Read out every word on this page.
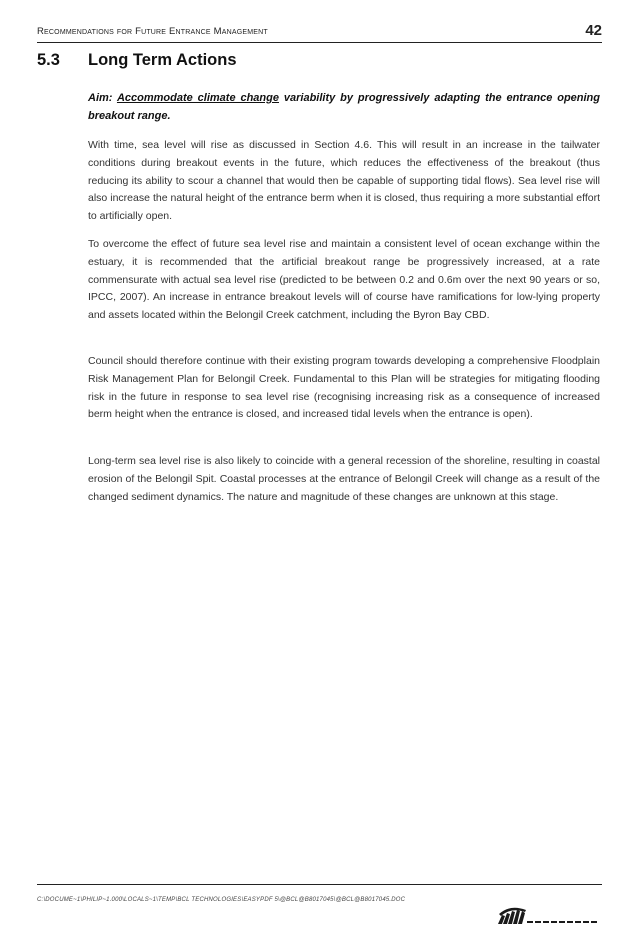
Recommendations for Future Entrance Management	42
5.3 Long Term Actions
Aim: Accommodate climate change variability by progressively adapting the entrance opening breakout range.

With time, sea level will rise as discussed in Section 4.6. This will result in an increase in the tailwater conditions during breakout events in the future, which reduces the effectiveness of the breakout (thus reducing its ability to scour a channel that would then be capable of supporting tidal flows). Sea level rise will also increase the natural height of the entrance berm when it is closed, thus requiring a more substantial effort to artificially open.

To overcome the effect of future sea level rise and maintain a consistent level of ocean exchange within the estuary, it is recommended that the artificial breakout range be progressively increased, at a rate commensurate with actual sea level rise (predicted to be between 0.2 and 0.6m over the next 90 years or so, IPCC, 2007). An increase in entrance breakout levels will of course have ramifications for low-lying property and assets located within the Belongil Creek catchment, including the Byron Bay CBD.

Council should therefore continue with their existing program towards developing a comprehensive Floodplain Risk Management Plan for Belongil Creek. Fundamental to this Plan will be strategies for mitigating flooding risk in the future in response to sea level rise (recognising increasing risk as a consequence of increased berm height when the entrance is closed, and increased tidal levels when the entrance is open).

Long-term sea level rise is also likely to coincide with a general recession of the shoreline, resulting in coastal erosion of the Belongil Spit. Coastal processes at the entrance of Belongil Creek will change as a result of the changed sediment dynamics. The nature and magnitude of these changes are unknown at this stage.

C:\DOCUME~1\PHILIP~1.000\LOCALS~1\TEMP\BCL TECHNOLOGIES\EASYPDF 5\@BCL@B8017045\@BCL@B8017045.DOC
